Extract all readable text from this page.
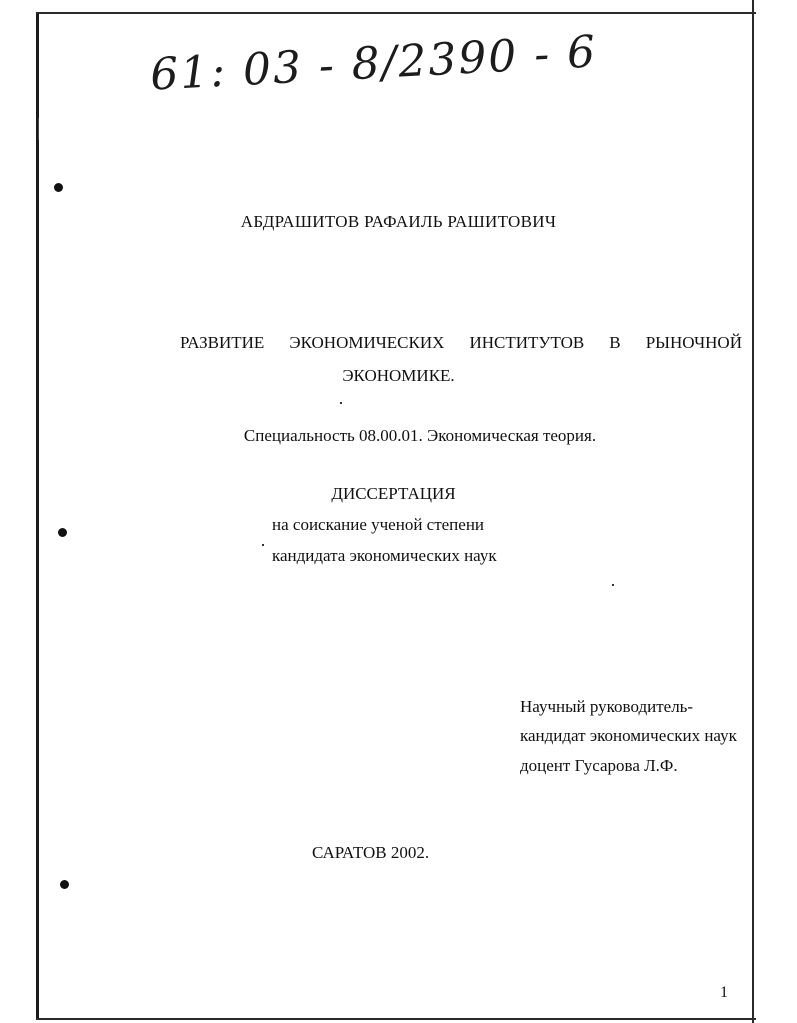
61: 03 - 8/2390 - 6
АБДРАШИТОВ РАФАИЛЬ РАШИТОВИЧ
РАЗВИТИЕ ЭКОНОМИЧЕСКИХ ИНСТИТУТОВ В РЫНОЧНОЙ
ЭКОНОМИКЕ.
Специальность 08.00.01. Экономическая теория.
ДИССЕРТАЦИЯ
на соискание ученой степени
кандидата экономических наук
Научный руководитель-
кандидат экономических наук
доцент Гусарова Л.Ф.
САРАТОВ 2002.
1
